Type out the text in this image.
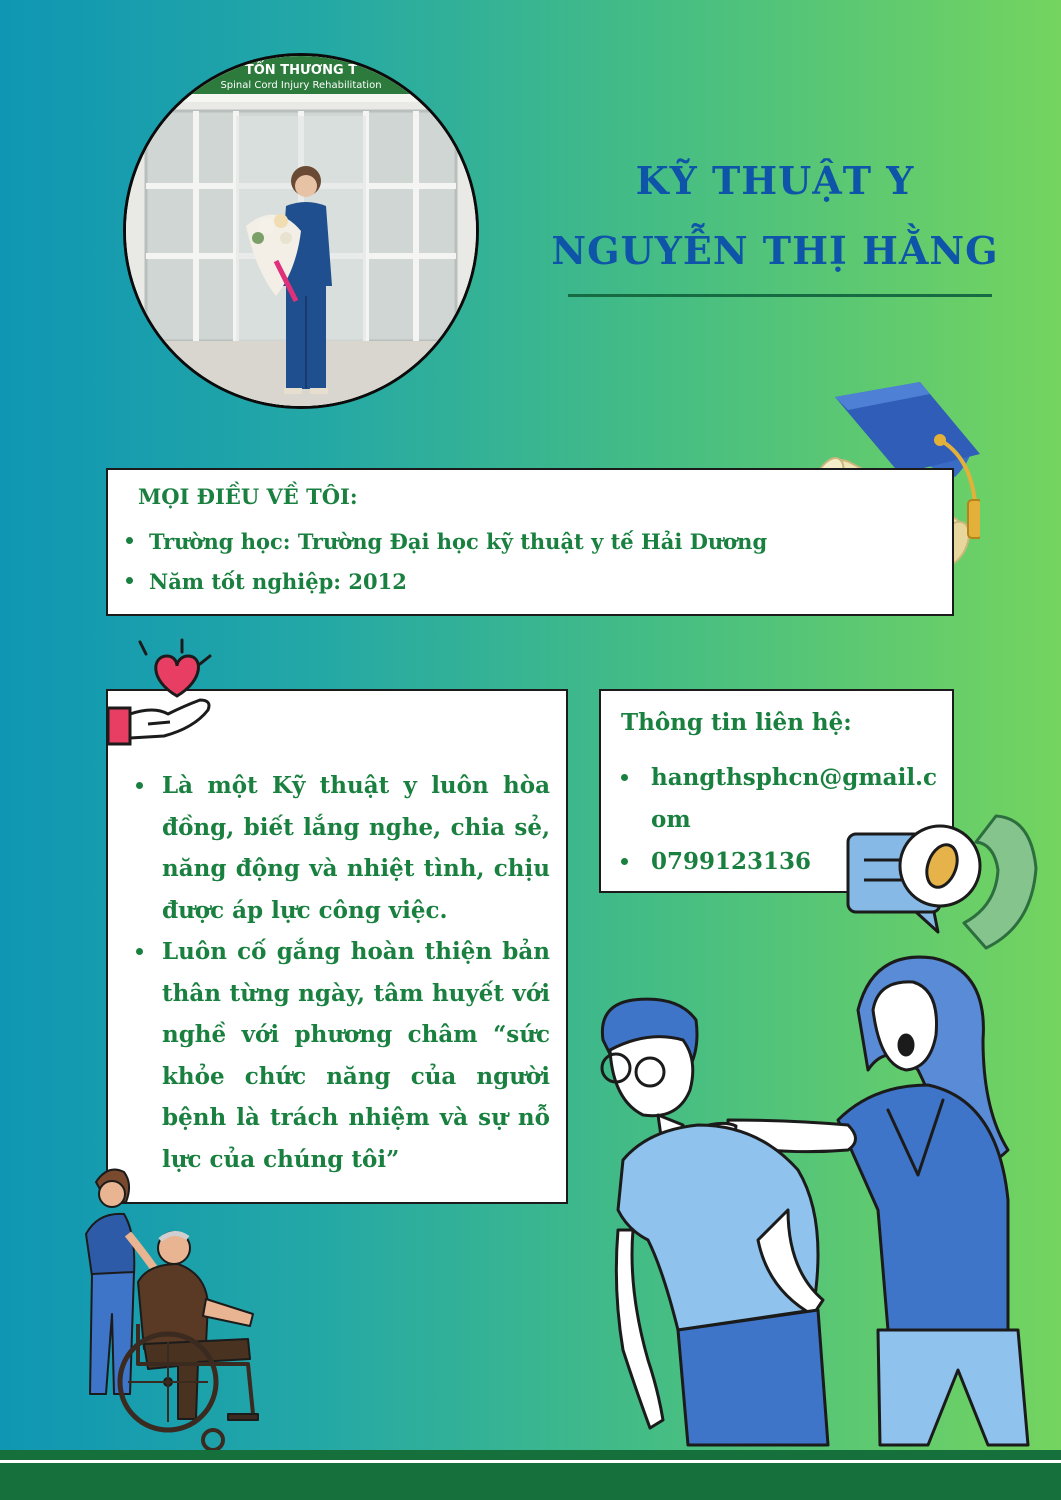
TỔN THƯƠNG T
Spinal Cord Injury Rehabilitation
KỸ THUẬT Y
NGUYỄN THỊ HẰNG
MỌI ĐIỀU VỀ TÔI:
Trường học: Trường Đại học kỹ thuật y tế Hải Dương
Năm tốt nghiệp: 2012
Là một Kỹ thuật y luôn hòa đồng, biết lắng nghe, chia sẻ, năng động và nhiệt tình, chịu được áp lực công việc.
Luôn cố gắng hoàn thiện bản thân từng ngày, tâm huyết với nghề với phương châm “sức khỏe chức năng của người bệnh là trách nhiệm và sự nỗ lực của chúng tôi”
Thông tin liên hệ:
hangthsphcn@gmail.com
0799123136
